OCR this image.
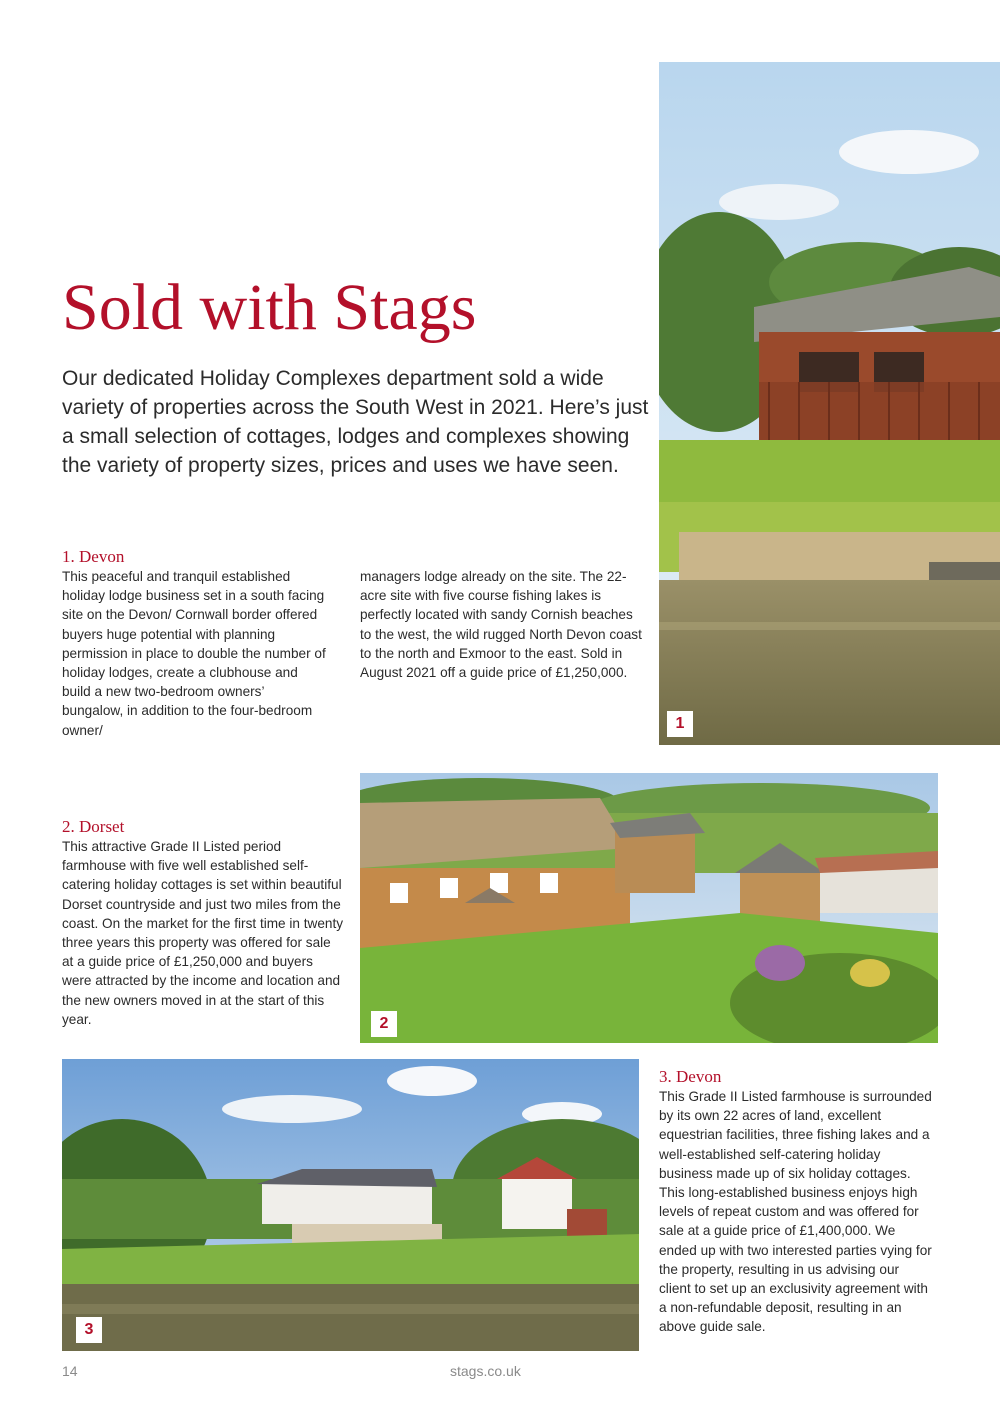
Sold with Stags

Our dedicated Holiday Complexes department sold a wide variety of properties across the South West in 2021. Here’s just a small selection of cottages, lodges and complexes showing the variety of property sizes, prices and uses we have seen.

1
1. Devon

This peaceful and tranquil established holiday lodge business set in a south facing site on the Devon/ Cornwall border offered buyers huge potential with planning permission in place to double the number of holiday lodges, create a clubhouse and build a new two-bedroom owners’ bungalow, in addition to the four-bedroom owner/

managers lodge already on the site. The 22-acre site with five course fishing lakes is perfectly located with sandy Cornish beaches to the west, the wild rugged North Devon coast to the north and Exmoor to the east. Sold in August 2021 off a guide price of £1,250,000.

2
2. Dorset

This attractive Grade II Listed period farmhouse with five well established self-catering holiday cottages is set within beautiful Dorset countryside and just two miles from the coast. On the market for the first time in twenty three years this property was offered for sale at a guide price of £1,250,000 and buyers were attracted by the income and location and the new owners moved in at the start of this year.

3
3. Devon

This Grade II Listed farmhouse is surrounded by its own 22 acres of land, excellent equestrian facilities, three fishing lakes and a well-established self-catering holiday business made up of six holiday cottages. This long-established business enjoys high levels of repeat custom and was offered for sale at a guide price of £1,400,000. We ended up with two interested parties vying for the property, resulting in us advising our client to set up an exclusivity agreement with a non-refundable deposit, resulting in an above guide sale.

14	stags.co.uk
